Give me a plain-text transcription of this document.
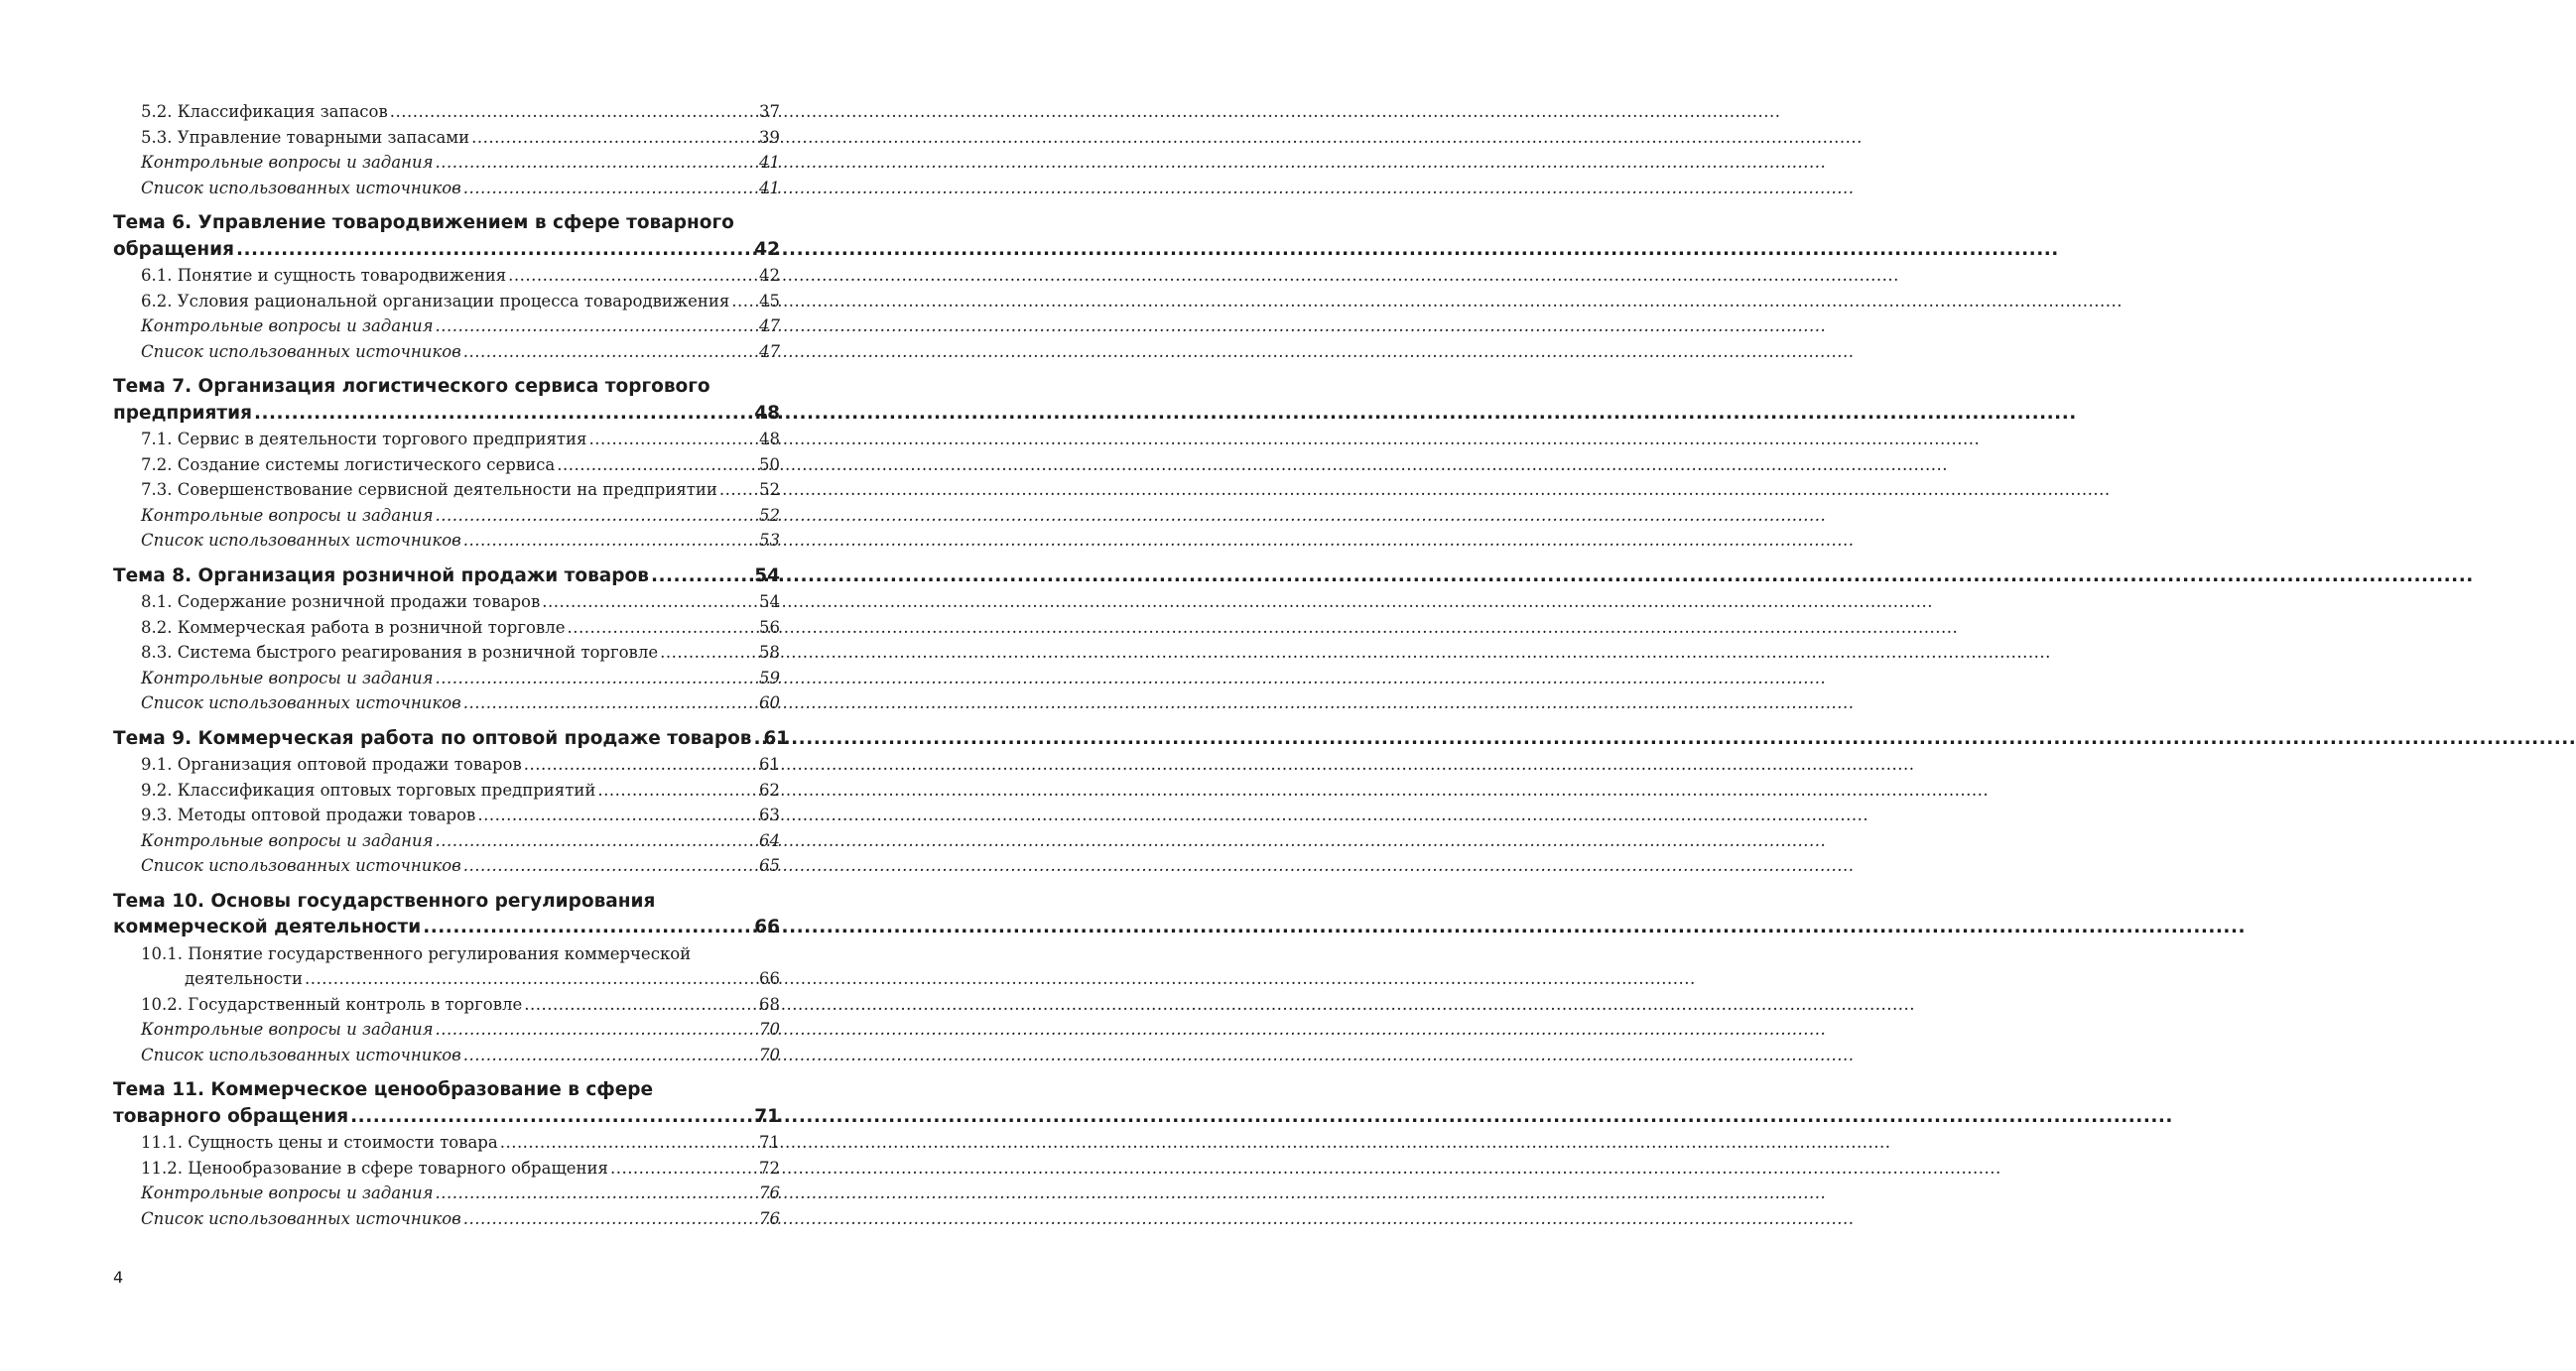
5.2. Классификация запасов .....	37
5.3. Управление товарными запасами .....	39
Контрольные вопросы и задания .....	41
Список использованных источников .....	41
Тема 6. Управление товародвижением в сфере товарного
обращения .....	42
6.1. Понятие и сущность товародвижения .....	42
6.2. Условия рациональной организации процесса товародвижения ..... 45
Контрольные вопросы и задания .....	47
Список использованных источников .....	47
Тема 7. Организация логистического сервиса торгового
предприятия .....	48
7.1. Сервис в деятельности торгового предприятия .....	48
7.2. Создание системы логистического сервиса .....	50
7.3. Совершенствование сервисной деятельности на предприятии .....	52
Контрольные вопросы и задания .....	52
Список использованных источников .....	53
Тема 8. Организация розничной продажи товаров .....	54
8.1. Содержание розничной продажи товаров .....	54
8.2. Коммерческая работа в розничной торговле .....	56
8.3. Система быстрого реагирования в розничной торговле .....	58
Контрольные вопросы и задания .....	59
Список использованных источников .....	60
Тема 9. Коммерческая работа по оптовой продаже товаров ..... 61
9.1. Организация оптовой продажи товаров .....	61
9.2. Классификация оптовых торговых предприятий .....	62
9.3. Методы оптовой продажи товаров .....	63
Контрольные вопросы и задания .....	64
Список использованных источников .....	65
Тема 10. Основы государственного регулирования
коммерческой деятельности .....	66
10.1. Понятие государственного регулирования коммерческой
деятельности .....	66
10.2. Государственный контроль в торговле .....	68
Контрольные вопросы и задания .....	70
Список использованных источников .....	70
Тема 11. Коммерческое ценообразование в сфере
товарного обращения .....	71
11.1. Сущность цены и стоимости товара .....	71
11.2. Ценообразование в сфере товарного обращения .....	72
Контрольные вопросы и задания .....	76
Список использованных источников .....	76
4
